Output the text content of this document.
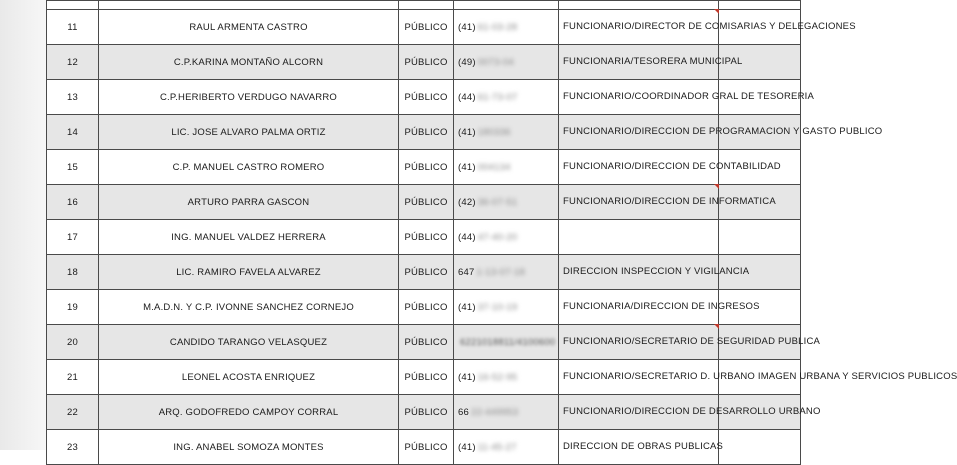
11	RAUL ARMENTA CASTRO	PÚBLICO	(41) 61-03-28	FUNCIONARIO/DIRECTOR DE COMISARIAS Y DELEGACIONES

12	C.P.KARINA MONTAÑO ALCORN	PÚBLICO	(49) 0073-04	FUNCIONARIA/TESORERA MUNICIPAL	
13	C.P.HERIBERTO VERDUGO NAVARRO	PÚBLICO	(44) 61-73-07	FUNCIONARIO/COORDINADOR GRAL DE TESORERIA	
14	LIC. JOSE ALVARO PALMA ORTIZ	PÚBLICO	(41) 180336	FUNCIONARIO/DIRECCION DE PROGRAMACION Y GASTO PUBLICO	
15	C.P. MANUEL CASTRO ROMERO	PÚBLICO	(41) 004134	FUNCIONARIO/DIRECCION DE CONTABILIDAD	
16	ARTURO PARRA GASCON	PÚBLICO	(42) 36-07-51	FUNCIONARIO/DIRECCION DE INFORMATICA

17	ING. MANUEL VALDEZ HERRERA	PÚBLICO	(44) 47-40-20		
18	LIC. RAMIRO FAVELA ALVAREZ	PÚBLICO	647 1-13-07-18	DIRECCION INSPECCION Y VIGILANCIA	
19	M.A.D.N. Y C.P. IVONNE SANCHEZ CORNEJO	PÚBLICO	(41) 37-10-19	FUNCIONARIA/DIRECCION DE INGRESOS	
20	CANDIDO TARANGO VELASQUEZ	PÚBLICO	6221018811/4100600	FUNCIONARIO/SECRETARIO DE SEGURIDAD PUBLICA

21	LEONEL ACOSTA ENRIQUEZ	PÚBLICO	(41) 16-52-95	FUNCIONARIO/SECRETARIO D. URBANO IMAGEN URBANA Y SERVICIOS PUBLICOS	
22	ARQ. GODOFREDO CAMPOY CORRAL	PÚBLICO	66 22-449953	FUNCIONARIO/DIRECCION DE DESARROLLO URBANO	
23	ING. ANABEL SOMOZA MONTES	PÚBLICO	(41) 11-45-27	DIRECCION DE OBRAS PUBLICAS	
